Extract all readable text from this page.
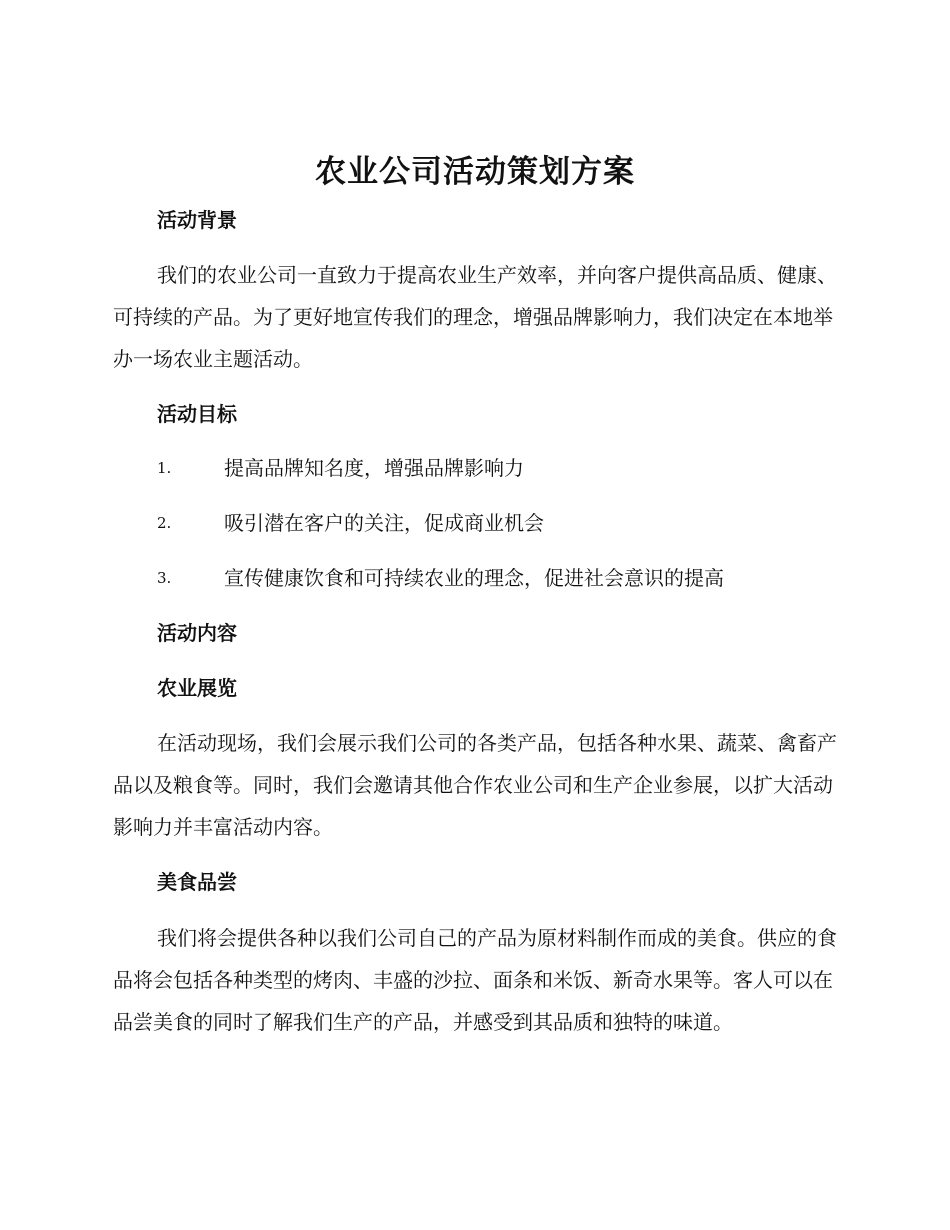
农业公司活动策划方案
活动背景

我们的农业公司一直致力于提高农业生产效率，并向客户提供高品质、健康、可持续的产品。为了更好地宣传我们的理念，增强品牌影响力，我们决定在本地举办一场农业主题活动。

活动目标
1.	提高品牌知名度，增强品牌影响力
2.	吸引潜在客户的关注，促成商业机会
3.	宣传健康饮食和可持续农业的理念，促进社会意识的提高
活动内容
农业展览

在活动现场，我们会展示我们公司的各类产品，包括各种水果、蔬菜、禽畜产品以及粮食等。同时，我们会邀请其他合作农业公司和生产企业参展，以扩大活动影响力并丰富活动内容。

美食品尝

我们将会提供各种以我们公司自己的产品为原材料制作而成的美食。供应的食品将会包括各种类型的烤肉、丰盛的沙拉、面条和米饭、新奇水果等。客人可以在品尝美食的同时了解我们生产的产品，并感受到其品质和独特的味道。
